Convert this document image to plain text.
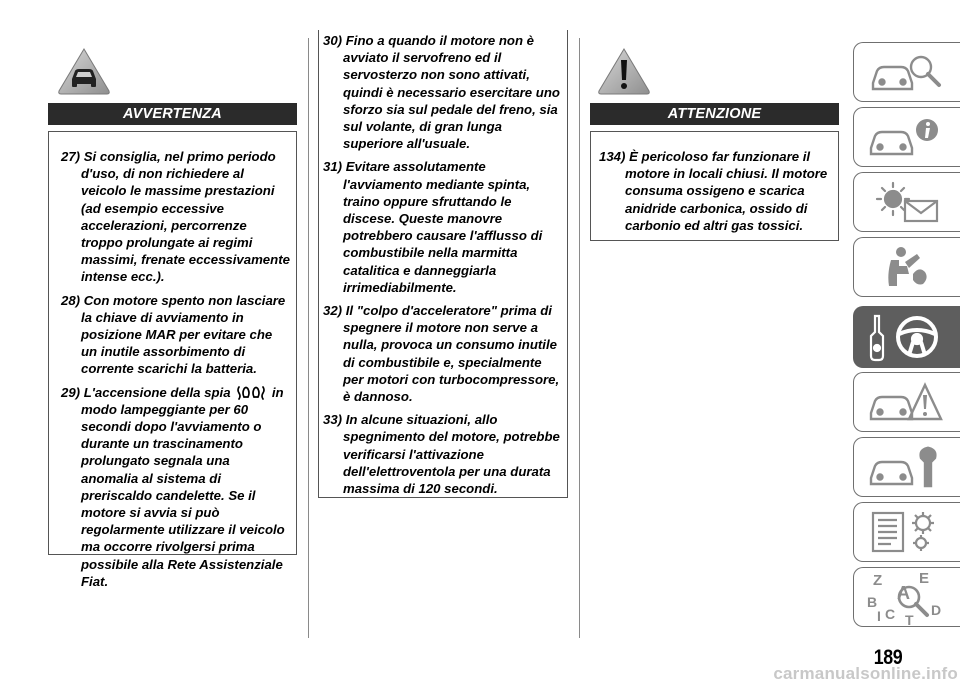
AVVERTENZA
27) Si consiglia, nel primo periodo d'uso, di non richiedere al veicolo le massime prestazioni (ad esempio eccessive accelerazioni, percorrenze troppo prolungate ai regimi massimi, frenate eccessivamente intense ecc.).
28) Con motore spento non lasciare la chiave di avviamento in posizione MAR per evitare che un inutile assorbimento di corrente scarichi la batteria.
29) L'accensione della spia	in modo lampeggiante per 60 secondi dopo l'avviamento o durante un trascinamento prolungato segnala una anomalia al sistema di preriscaldo candelette. Se il motore si avvia si può regolarmente utilizzare il veicolo ma occorre rivolgersi prima possibile alla Rete Assistenziale Fiat.
30) Fino a quando il motore non è avviato il servofreno ed il servosterzo non sono attivati, quindi è necessario esercitare uno sforzo sia sul pedale del freno, sia sul volante, di gran lunga superiore all'usuale.
31) Evitare assolutamente l'avviamento mediante spinta, traino oppure sfruttando le discese. Queste manovre potrebbero causare l'afflusso di combustibile nella marmitta catalitica e danneggiarla irrimediabilmente.
32) Il "colpo d'acceleratore" prima di spegnere il motore non serve a nulla, provoca un consumo inutile di combustibile e, specialmente per motori con turbocompressore, è dannoso.
33) In alcune situazioni, allo spegnimento del motore, potrebbe verificarsi l'attivazione dell'elettroventola per una durata massima di 120 secondi.
ATTENZIONE
134) È pericoloso far funzionare il motore in locali chiusi. Il motore consuma ossigeno e scarica anidride carbonica, ossido di carbonio ed altri gas tossici.
Z E
A
B
C	D
I T
189
carmanualsonline.info
